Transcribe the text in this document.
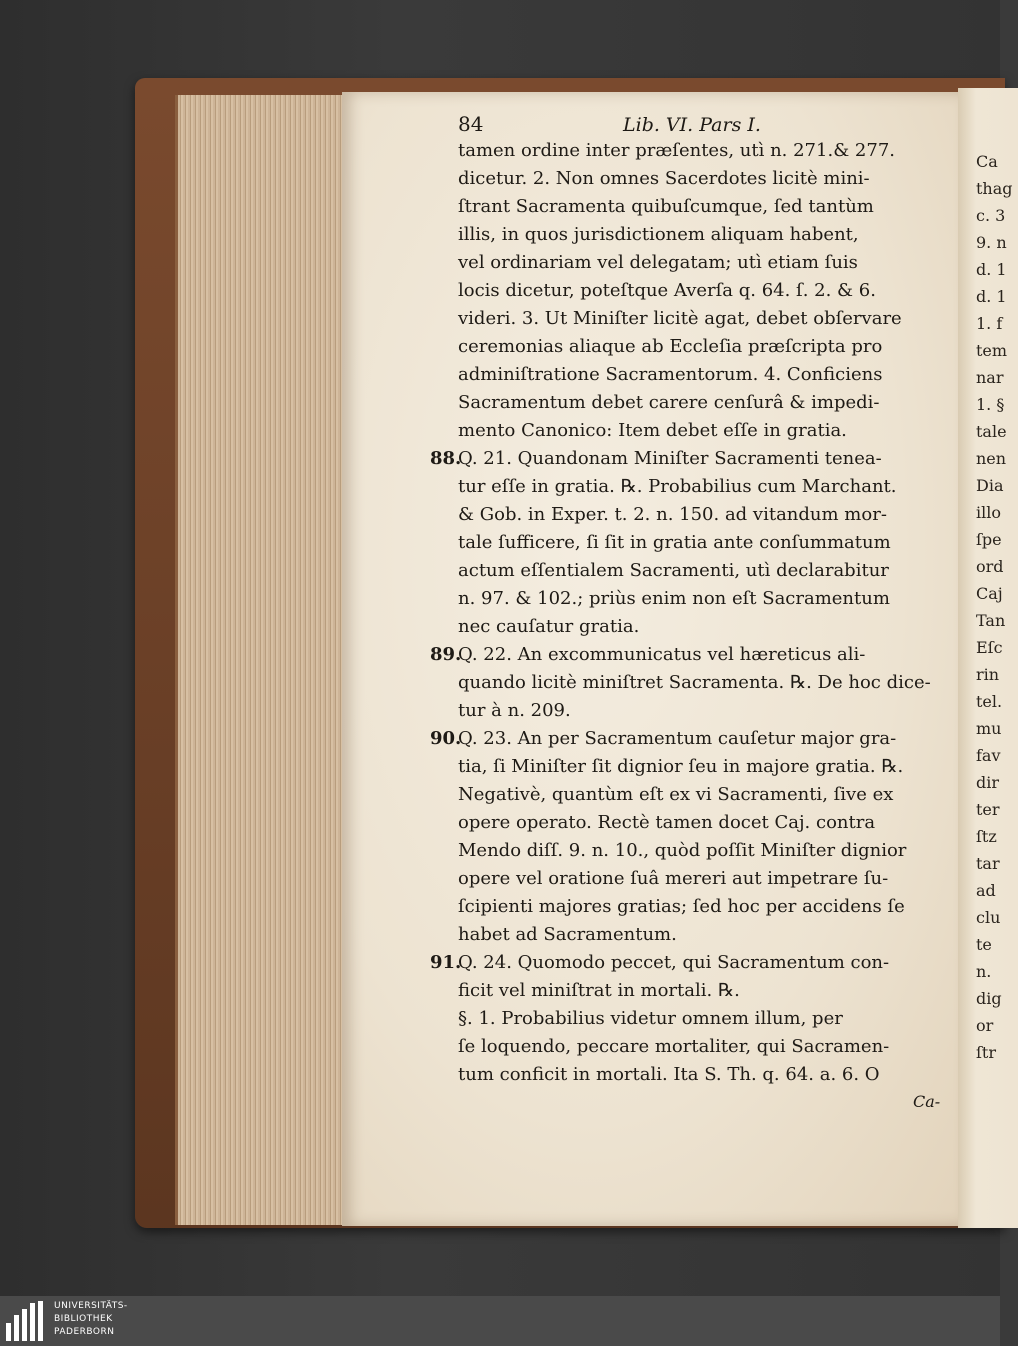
Ca
thag
c. 3
9. n
d. 1
d. 1
1. f
tem
nar
1. §
tale
nen
Dia
illo
ſpe
ord
Caj
Tan
Eſc
rin
tel.
mu
fav
dir
ter
ſtz
tar
ad
clu
te
n.
dig
or
ſtr
84	Lib. VI. Pars I.
tamen ordine inter præſentes, utì n. 271.& 277.
dicetur. 2. Non omnes Sacerdotes licitè mini-
ſtrant Sacramenta quibuſcumque, ſed tantùm
illis, in quos jurisdictionem aliquam habent,
vel ordinariam vel delegatam; utì etiam ſuis
locis dicetur, poteſtque Averſa q. 64. ſ. 2. & 6.
videri. 3. Ut Miniſter licitè agat, debet obſervare
ceremonias aliaque ab Eccleſia præſcripta pro
adminiſtratione Sacramentorum. 4. Conficiens
Sacramentum debet carere cenſurâ & impedi-
mento Canonico: Item debet eſſe in gratia.
88.
Q. 21. Quandonam Miniſter Sacramenti tenea-
tur eſſe in gratia. ℞. Probabilius cum Marchant.
& Gob. in Exper. t. 2. n. 150. ad vitandum mor-
tale ſufficere, ſi ſit in gratia ante conſummatum
actum eſſentialem Sacramenti, utì declarabitur
n. 97. & 102.; priùs enim non eſt Sacramentum
nec cauſatur gratia.
89.
Q. 22. An excommunicatus vel hæreticus ali-
quando licitè miniſtret Sacramenta. ℞. De hoc dice-
tur à n. 209.
90.
Q. 23. An per Sacramentum cauſetur major gra-
tia, ſi Miniſter ſit dignior ſeu in majore gratia. ℞.
Negativè, quantùm eſt ex vi Sacramenti, ſive ex
opere operato. Rectè tamen docet Caj. contra
Mendo diſſ. 9. n. 10., quòd poſſit Miniſter dignior
opere vel oratione ſuâ mereri aut impetrare ſu-
ſcipienti majores gratias; ſed hoc per accidens ſe
habet ad Sacramentum.
91.
Q. 24. Quomodo peccet, qui Sacramentum con-
ficit vel miniſtrat in mortali. ℞.
§. 1. Probabilius videtur omnem illum, per
ſe loquendo, peccare mortaliter, qui Sacramen-
tum conficit in mortali. Ita S. Th. q. 64. a. 6. O
Ca-
UNIVERSITÄTS-
BIBLIOTHEK
PADERBORN
